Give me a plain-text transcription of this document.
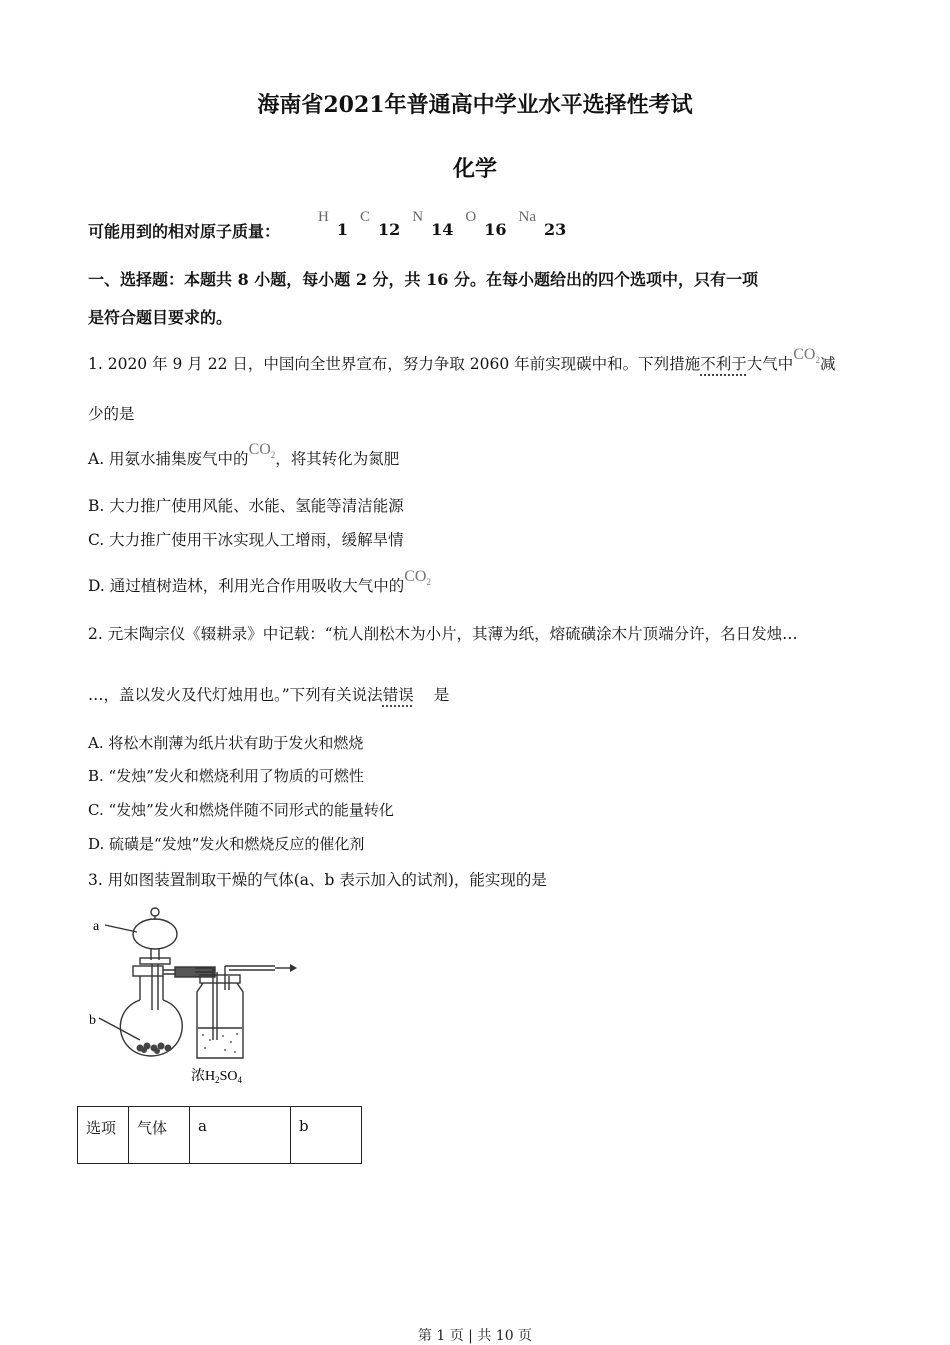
海南省2021年普通高中学业水平选择性考试
化学
可能用到的相对原子质量：
H1C12N14O16Na23
一、选择题：本题共 8 小题，每小题 2 分，共 16 分。在每小题给出的四个选项中，只有一项
是符合题目要求的。
1. 2020 年 9 月 22 日，中国向全世界宣布，努力争取 2060 年前实现碳中和。下列措施不利于大气中$CO_2$减
少的是
A. 用氨水捕集废气中的$CO_2$，将其转化为氮肥
B. 大力推广使用风能、水能、氢能等清洁能源
C. 大力推广使用干冰实现人工增雨，缓解旱情
D. 通过植树造林，利用光合作用吸收大气中的$CO_2$
2. 元末陶宗仪《辍耕录》中记载：“杭人削松木为小片，其薄为纸，熔硫磺涂木片顶端分许，名日发烛…
…，盖以发火及代灯烛用也。”下列有关说法错误 是
A. 将松木削薄为纸片状有助于发火和燃烧
B. “发烛”发火和燃烧利用了物质的可燃性
C. “发烛”发火和燃烧伴随不同形式的能量转化
D. 硫磺是“发烛”发火和燃烧反应的催化剂
3. 用如图装置制取干燥的气体(a、b 表示加入的试剂)，能实现的是
a
b
浓$H_2SO_4$
选项	气体	a	b
第 1 页 | 共 10 页
